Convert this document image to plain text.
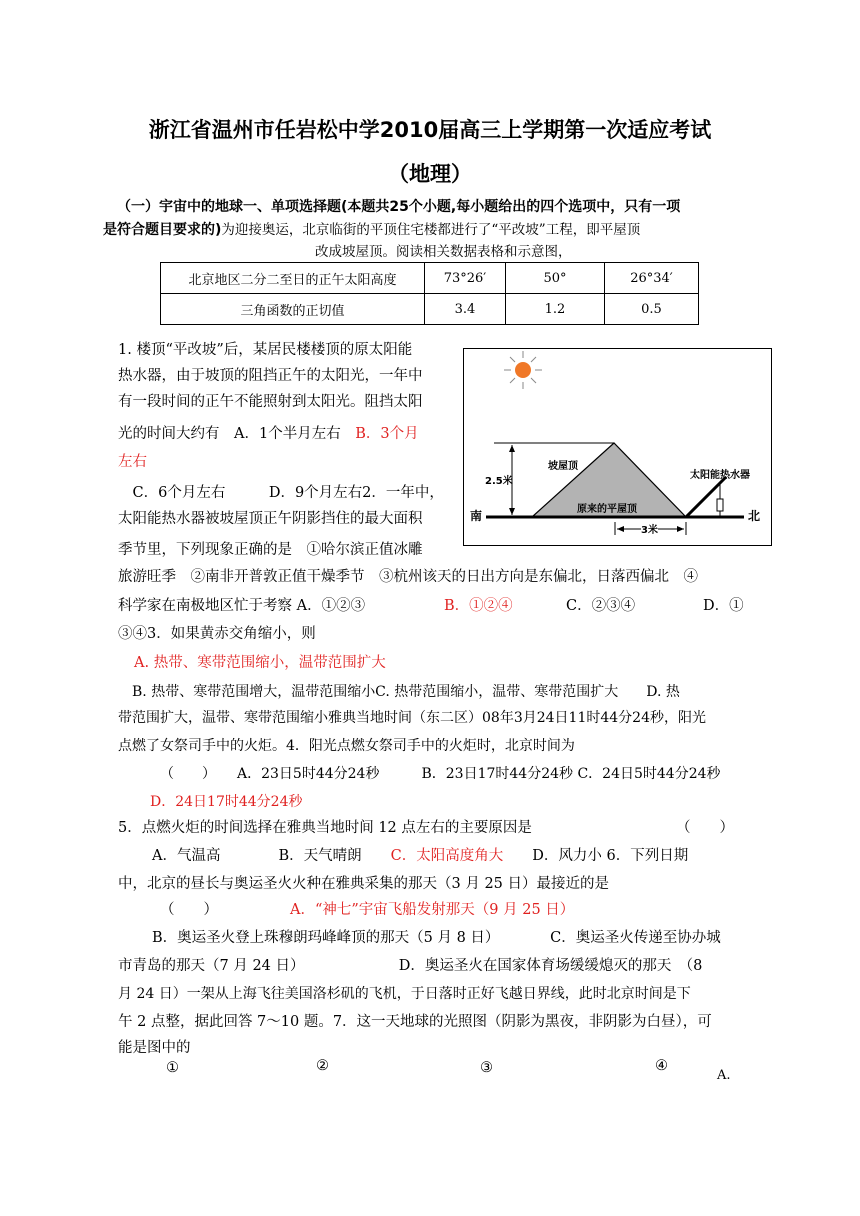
浙江省温州市任岩松中学2010届高三上学期第一次适应考试
（地理）
（一）宇宙中的地球一、单项选择题(本题共25个小题,每小题给出的四个选项中，只有一项
是符合题目要求的)为迎接奥运，北京临街的平顶住宅楼都进行了“平改坡”工程，即平屋顶
改成坡屋顶。阅读相关数据表格和示意图，
北京地区二分二至日的正午太阳高度	73°26′	50°	26°34′
三角函数的正切值	3.4	1.2	0.5
坡屋顶
太阳能热水器
原来的平屋顶
2.5米
3米
南	北
1. 楼顶“平改坡”后，某居民楼楼顶的原太阳能
热水器，由于坡顶的阻挡正午的太阳光，一年中
有一段时间的正午不能照射到太阳光。阻挡太阳
光的时间大约有　A．1个半月左右　B．3个月
左右
　C．6个月左右　　　D．9个月左右2．一年中，
太阳能热水器被坡屋顶正午阴影挡住的最大面积
季节里，下列现象正确的是　①哈尔滨正值冰雕
旅游旺季　②南非开普敦正值干燥季节　③杭州该天的日出方向是东偏北，日落西偏北　④
科学家在南极地区忙于考察 A．①②③	B．①②④	C．②③④	D．①
③④3．如果黄赤交角缩小，则
A. 热带、寒带范围缩小，温带范围扩大
　B. 热带、寒带范围增大，温带范围缩小C. 热带范围缩小，温带、寒带范围扩大　　D. 热
带范围扩大，温带、寒带范围缩小雅典当地时间（东二区）08年3月24日11时44分24秒，阳光
点燃了女祭司手中的火炬。4．阳光点燃女祭司手中的火炬时，北京时间为
（　　）　　A．23日5时44分24秒　　　B．23日17时44分24秒 C．24日5时44分24秒
D．24日17时44分24秒
5．点燃火炬的时间选择在雅典当地时间 12 点左右的主要原因是	（　　）
A．气温高　　　　B．天气晴朗　　C．太阳高度角大　　D．风力小 6．下列日期
中，北京的昼长与奥运圣火火种在雅典采集的那天（3 月 25 日）最接近的是
（　　）	A．“神七”宇宙飞船发射那天（9 月 25 日）
B．奥运圣火登上珠穆朗玛峰峰顶的那天（5 月 8 日）　　　　C．奥运圣火传递至协办城
市青岛的那天（7 月 24 日）　　　　　　　D．奥运圣火在国家体育场缓缓熄灭的那天　（8
月 24 日）一架从上海飞往美国洛杉矶的飞机，于日落时正好飞越日界线，此时北京时间是下
午 2 点整，据此回答 7～10 题。7．这一天地球的光照图（阴影为黑夜，非阴影为白昼），可
能是图中的
①	②	③	④
A.
